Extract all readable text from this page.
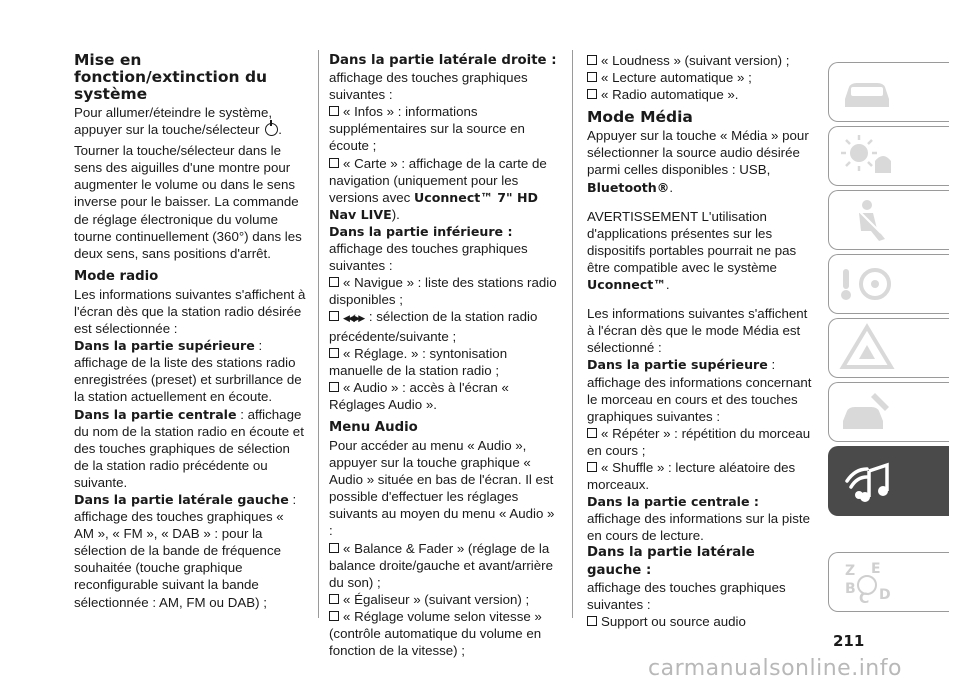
Mise en fonction/extinction du système

Pour allumer/éteindre le système, appuyer sur la touche/sélecteur .

Tourner la touche/sélecteur dans le sens des aiguilles d'une montre pour augmenter le volume ou dans le sens inverse pour le baisser. La commande de réglage électronique du volume tourne continuellement (360°) dans les deux sens, sans positions d'arrêt.

Mode radio

Les informations suivantes s'affichent à l'écran dès que la station radio désirée est sélectionnée :

Dans la partie supérieure : affichage de la liste des stations radio enregistrées (preset) et surbrillance de la station actuellement en écoute.

Dans la partie centrale : affichage du nom de la station radio en écoute et des touches graphiques de sélection de la station radio précédente ou suivante.

Dans la partie latérale gauche : affichage des touches graphiques « AM », « FM », « DAB » : pour la sélection de la bande de fréquence souhaitée (touche graphique reconfigurable suivant la bande sélectionnée : AM, FM ou DAB) ;

Dans la partie latérale droite :

affichage des touches graphiques suivantes :

« Infos » : informations supplémentaires sur la source en écoute ;

« Carte » : affichage de la carte de navigation (uniquement pour les versions avec Uconnect™ 7" HD Nav LIVE).

Dans la partie inférieure : affichage des touches graphiques suivantes :

« Navigue » : liste des stations radio disponibles ;

◀◀/▶▶ : sélection de la station radio précédente/suivante ;

« Réglage. » : syntonisation manuelle de la station radio ;

« Audio » : accès à l'écran « Réglages Audio ».

Menu Audio

Pour accéder au menu « Audio », appuyer sur la touche graphique « Audio » située en bas de l'écran. Il est possible d'effectuer les réglages suivants au moyen du menu « Audio » :

« Balance & Fader » (réglage de la balance droite/gauche et avant/arrière du son) ;

« Égaliseur » (suivant version) ;

« Réglage volume selon vitesse » (contrôle automatique du volume en fonction de la vitesse) ;

« Loudness » (suivant version) ;

« Lecture automatique » ;

« Radio automatique ».

Mode Média

Appuyer sur la touche « Média » pour sélectionner la source audio désirée parmi celles disponibles : USB, Bluetooth®.

AVERTISSEMENT L'utilisation d'applications présentes sur les dispositifs portables pourrait ne pas être compatible avec le système Uconnect™.

Les informations suivantes s'affichent à l'écran dès que le mode Média est sélectionné :

Dans la partie supérieure : affichage des informations concernant le morceau en cours et des touches graphiques suivantes :

« Répéter » : répétition du morceau en cours ;

« Shuffle » : lecture aléatoire des morceaux.

Dans la partie centrale : affichage des informations sur la piste en cours de lecture.

Dans la partie latérale gauche :

affichage des touches graphiques suivantes :

Support ou source audio

Z E
B
C D
211
carmanualsonline.info
